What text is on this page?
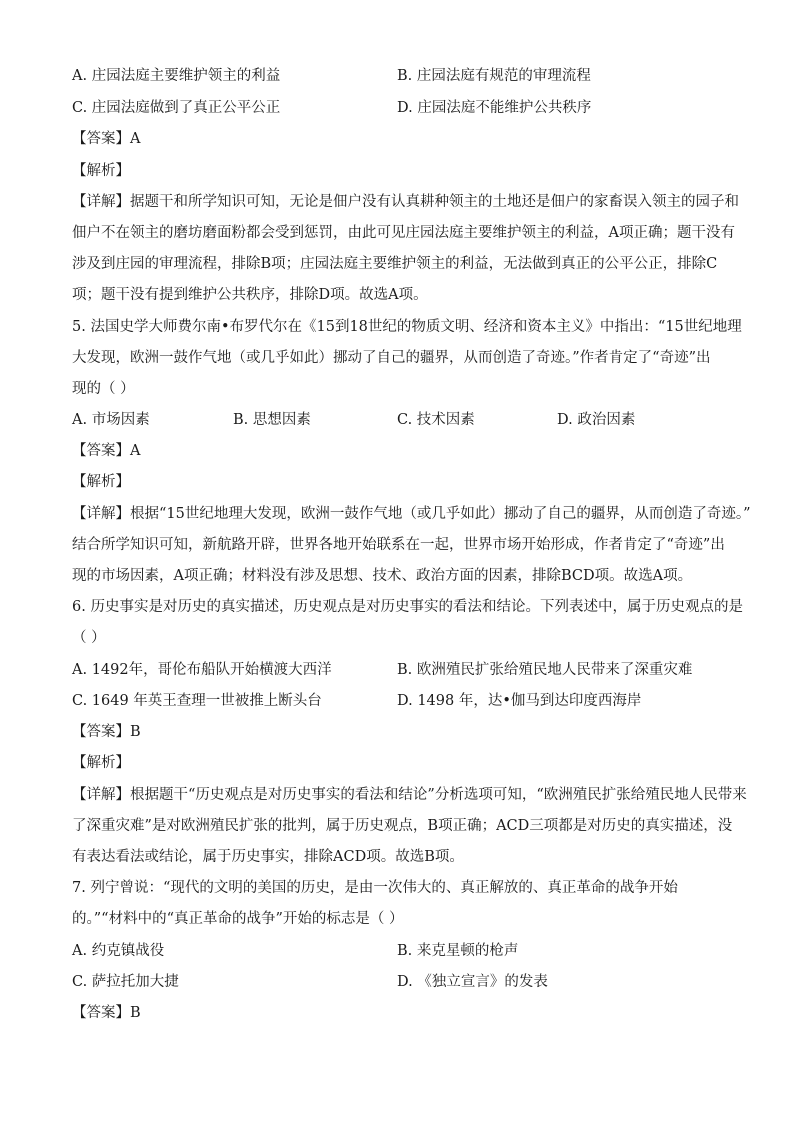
A. 庄园法庭主要维护领主的利益	B. 庄园法庭有规范的审理流程
C. 庄园法庭做到了真正公平公正	D. 庄园法庭不能维护公共秩序
【答案】A
【解析】
【详解】据题干和所学知识可知，无论是佃户没有认真耕种领主的土地还是佃户的家畜误入领主的园子和
佃户不在领主的磨坊磨面粉都会受到惩罚，由此可见庄园法庭主要维护领主的利益，A项正确；题干没有
涉及到庄园的审理流程，排除B项；庄园法庭主要维护领主的利益，无法做到真正的公平公正，排除C
项；题干没有提到维护公共秩序，排除D项。故选A项。
5. 法国史学大师费尔南•布罗代尔在《15到18世纪的物质文明、经济和资本主义》中指出：“15世纪地理
大发现，欧洲一鼓作气地（或几乎如此）挪动了自己的疆界，从而创造了奇迹。”作者肯定了“奇迹”出
现的（ ）
A. 市场因素	B. 思想因素	C. 技术因素	D. 政治因素
【答案】A
【解析】
【详解】根据“15世纪地理大发现，欧洲一鼓作气地（或几乎如此）挪动了自己的疆界，从而创造了奇迹。”
结合所学知识可知，新航路开辟，世界各地开始联系在一起，世界市场开始形成，作者肯定了“奇迹”出
现的市场因素，A项正确；材料没有涉及思想、技术、政治方面的因素，排除BCD项。故选A项。
6. 历史事实是对历史的真实描述，历史观点是对历史事实的看法和结论。下列表述中，属于历史观点的是
（ ）
A. 1492年，哥伦布船队开始横渡大西洋	B. 欧洲殖民扩张给殖民地人民带来了深重灾难
C. 1649 年英王查理一世被推上断头台	D. 1498 年，达•伽马到达印度西海岸
【答案】B
【解析】
【详解】根据题干“历史观点是对历史事实的看法和结论”分析选项可知，“欧洲殖民扩张给殖民地人民带来
了深重灾难”是对欧洲殖民扩张的批判，属于历史观点，B项正确；ACD三项都是对历史的真实描述，没
有表达看法或结论，属于历史事实，排除ACD项。故选B项。
7. 列宁曾说：“现代的文明的美国的历史，是由一次伟大的、真正解放的、真正革命的战争开始
的。”“材料中的“真正革命的战争”开始的标志是（ ）
A. 约克镇战役	B. 来克星顿的枪声
C. 萨拉托加大捷	D. 《独立宣言》的发表
【答案】B
